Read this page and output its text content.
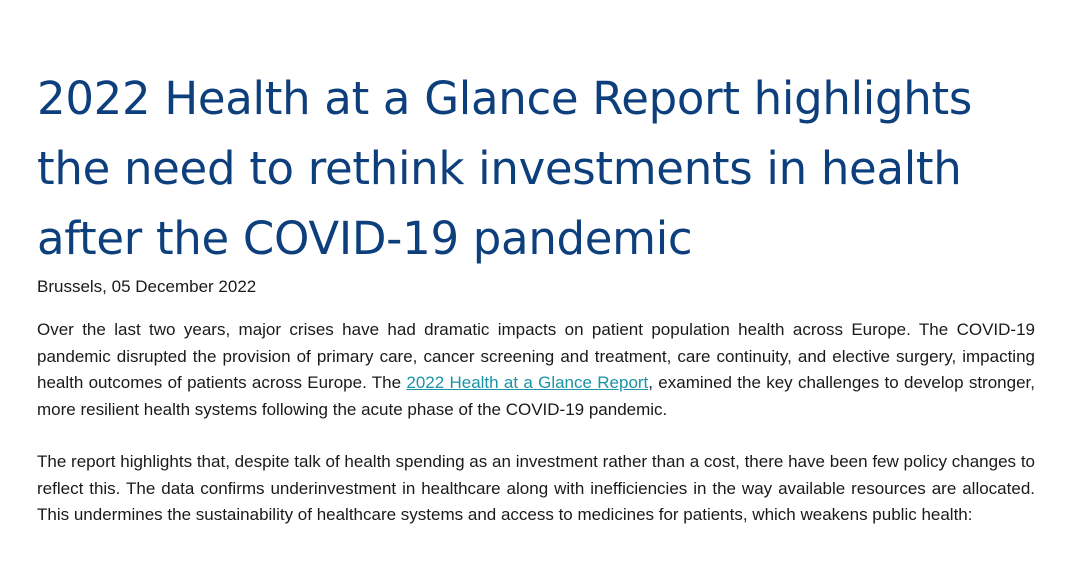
2022 Health at a Glance Report highlights
the need to rethink investments in health
after the COVID-19 pandemic

Brussels, 05 December 2022

Over the last two years, major crises have had dramatic impacts on patient population health across Europe. The COVID-19 pandemic disrupted the provision of primary care, cancer screening and treatment, care continuity, and elective surgery, impacting health outcomes of patients across Europe. The 2022 Health at a Glance Report, examined the key challenges to develop stronger, more resilient health systems following the acute phase of the COVID-19 pandemic.

The report highlights that, despite talk of health spending as an investment rather than a cost, there have been few policy changes to reflect this. The data confirms underinvestment in healthcare along with inefficiencies in the way available resources are allocated. This undermines the sustainability of healthcare systems and access to medicines for patients, which weakens public health:
